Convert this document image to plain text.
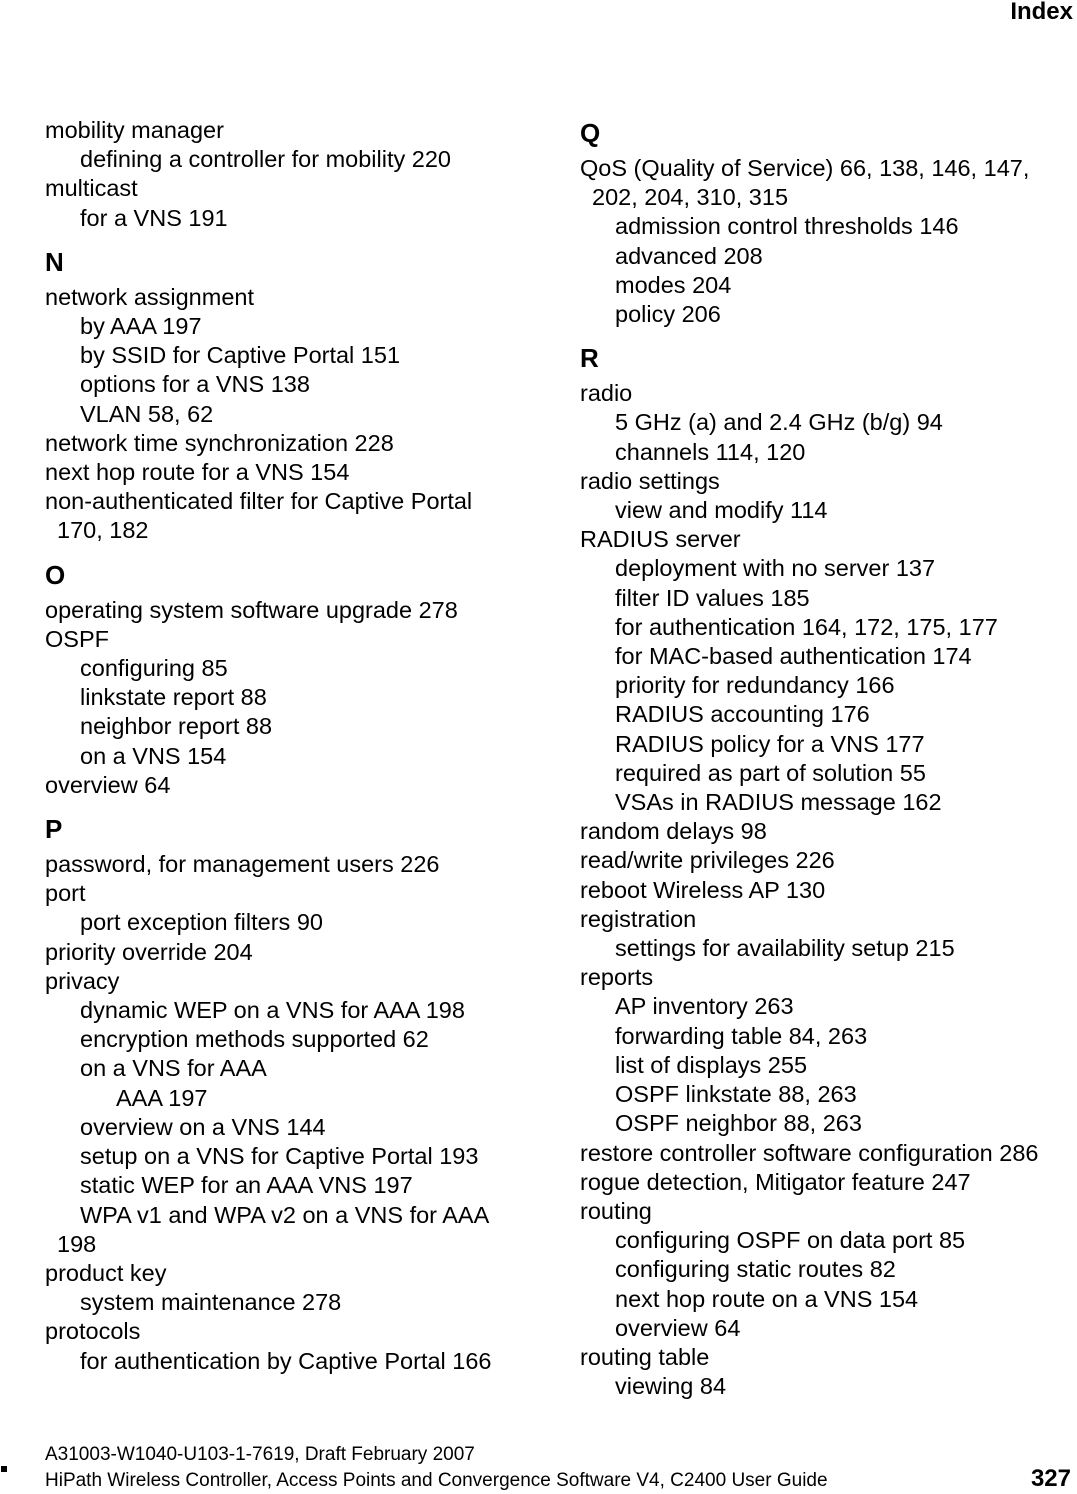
Index
mobility manager
defining a controller for mobility 220
multicast
for a VNS 191
N
network assignment
by AAA 197
by SSID for Captive Portal 151
options for a VNS 138
VLAN 58, 62
network time synchronization 228
next hop route for a VNS 154
non-authenticated filter for Captive Portal
170, 182
O
operating system software upgrade 278
OSPF
configuring 85
linkstate report 88
neighbor report 88
on a VNS 154
overview 64
P
password, for management users 226
port
port exception filters 90
priority override 204
privacy
dynamic WEP on a VNS for AAA 198
encryption methods supported 62
on a VNS for AAA
AAA 197
overview on a VNS 144
setup on a VNS for Captive Portal 193
static WEP for an AAA VNS 197
WPA v1 and WPA v2 on a VNS for AAA
198
product key
system maintenance 278
protocols
for authentication by Captive Portal 166
Q
QoS (Quality of Service) 66, 138, 146, 147,
202, 204, 310, 315
admission control thresholds 146
advanced 208
modes 204
policy 206
R
radio
5 GHz (a) and 2.4 GHz (b/g) 94
channels 114, 120
radio settings
view and modify 114
RADIUS server
deployment with no server 137
filter ID values 185
for authentication 164, 172, 175, 177
for MAC-based authentication 174
priority for redundancy 166
RADIUS accounting 176
RADIUS policy for a VNS 177
required as part of solution 55
VSAs in RADIUS message 162
random delays 98
read/write privileges 226
reboot Wireless AP 130
registration
settings for availability setup 215
reports
AP inventory 263
forwarding table 84, 263
list of displays 255
OSPF linkstate 88, 263
OSPF neighbor 88, 263
restore controller software configuration 286
rogue detection, Mitigator feature 247
routing
configuring OSPF on data port 85
configuring static routes 82
next hop route on a VNS 154
overview 64
routing table
viewing 84
A31003-W1040-U103-1-7619, Draft February 2007
HiPath Wireless Controller, Access Points and Convergence Software V4, C2400 User Guide	327
